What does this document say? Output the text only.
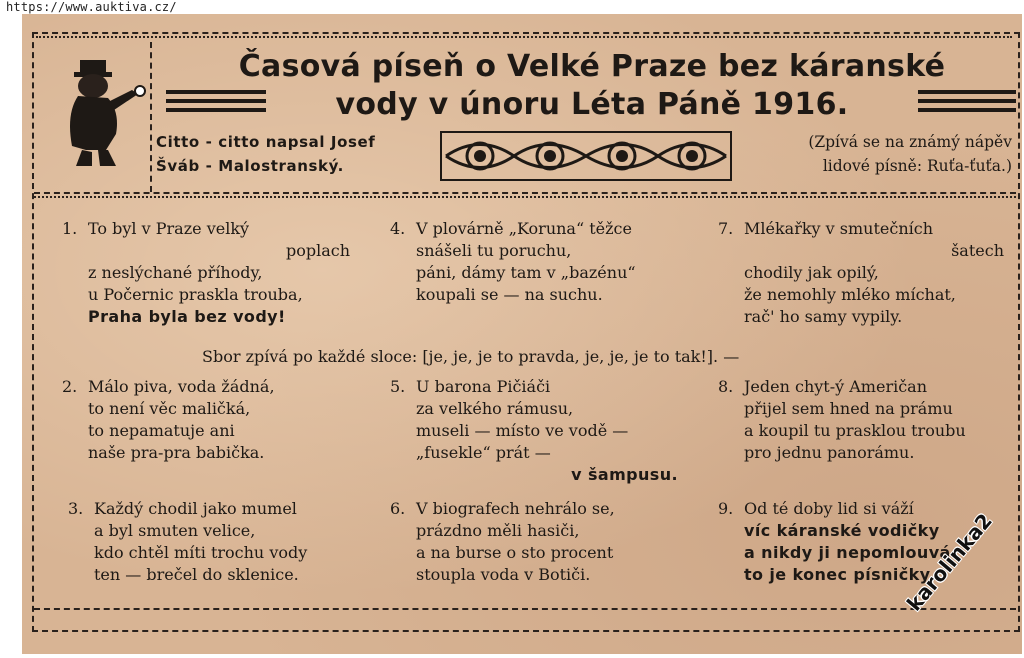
https://www.auktiva.cz/
Časová píseň o Velké Praze bez káranské
vody v únoru Léta Páně 1916.
Citto - citto napsal Josef
Šváb - Malostranský.
(Zpívá se na známý nápěv
lidové písně: Ruťa-ťuťa.)
1. To byl v Praze velký
poplach
z neslýchané příhody,
u Počernic praskla trouba,
Praha byla bez vody!
4. V plovárně „Koruna“ těžce
snášeli tu poruchu,
páni, dámy tam v „bazénu“
koupali se — na suchu.
7. Mlékařky v smutečních
šatech
chodily jak opilý,
že nemohly mléko míchat,
rač' ho samy vypily.
Sbor zpívá po každé sloce: [je, je, je to pravda, je, je, je to tak!]. —
2. Málo piva, voda žádná,
to není věc maličká,
to nepamatuje ani
naše pra-pra babička.
5. U barona Pičiáči
za velkého rámusu,
museli — místo ve vodě —
„fusekle“ prát —
v šampusu.
8. Jeden chyt-ý Američan
přijel sem hned na prámu
a koupil tu prasklou troubu
pro jednu panorámu.
3. Každý chodil jako mumel
a byl smuten velice,
kdo chtěl míti trochu vody
ten — brečel do sklenice.
6. V biografech nehrálo se,
prázdno měli hasiči,
a na burse o sto procent
stoupla voda v Botiči.
9. Od té doby lid si váží
víc káranské vodičky
a nikdy ji nepomlouvá
to je konec písničky.
karolinka2
